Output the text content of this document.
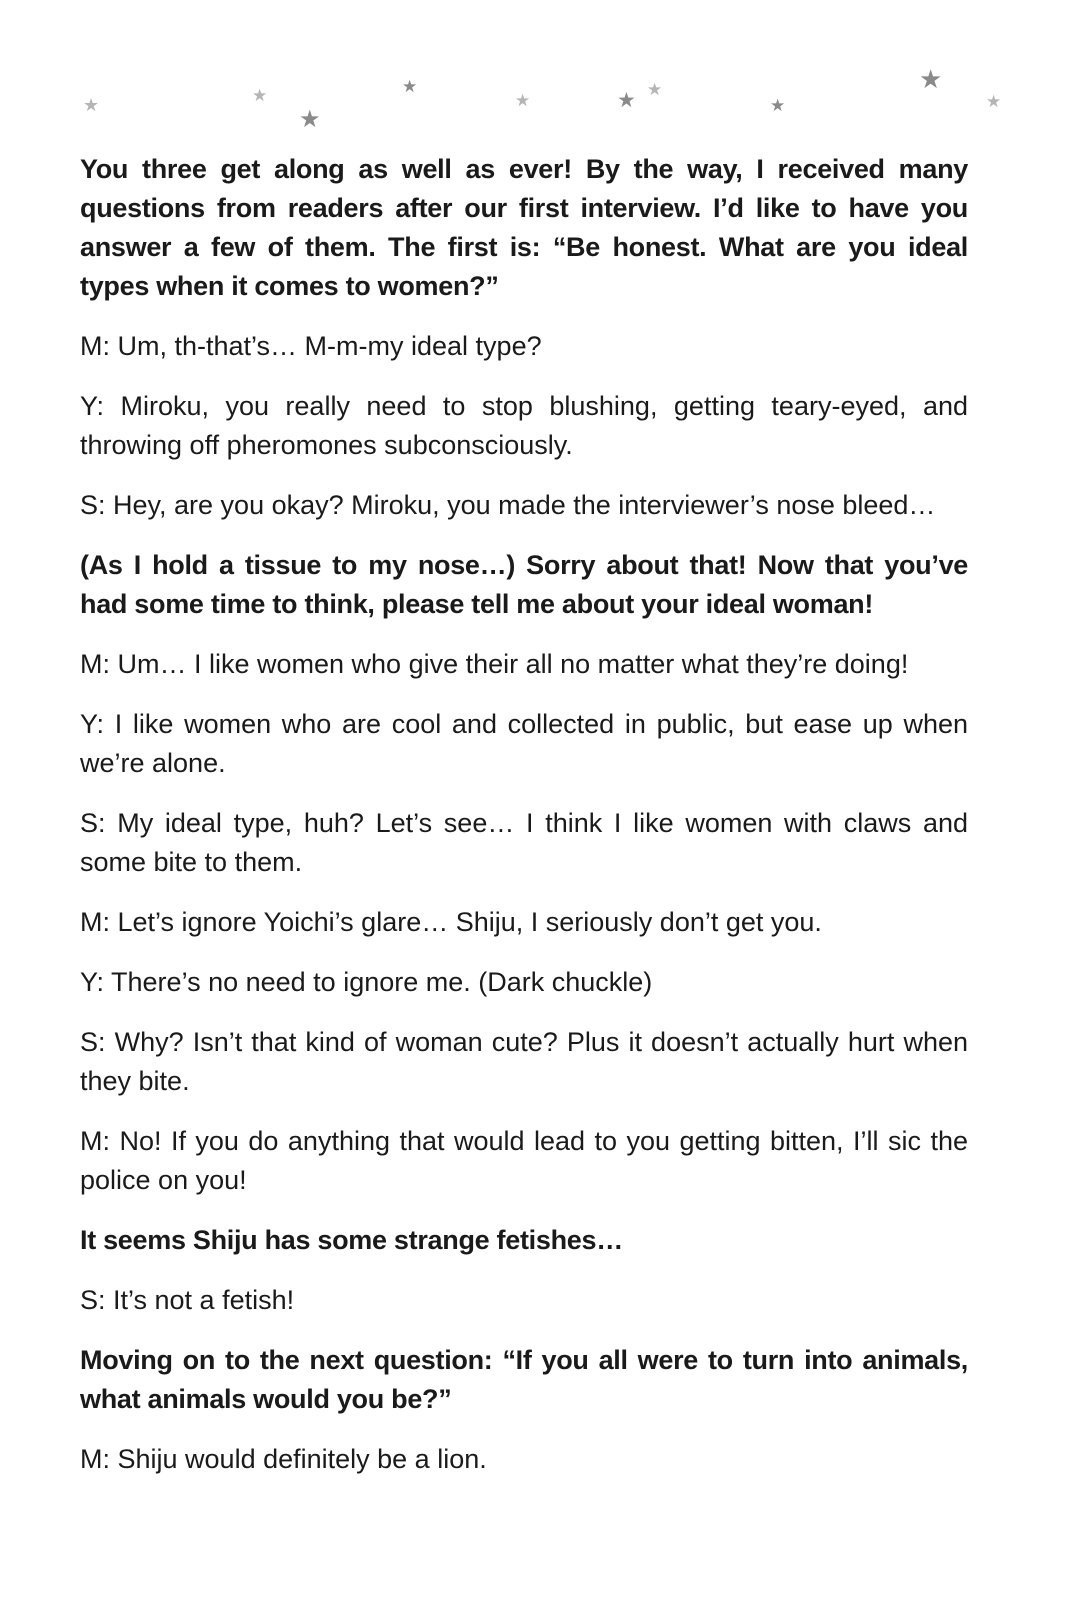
★	★
★
★
★	★ ★
★
★
★

You three get along as well as ever! By the way, I received many questions from readers after our first interview. I’d like to have you answer a few of them. The first is: “Be honest. What are you ideal types when it comes to women?”

M: Um, th-that’s… M-m-my ideal type?

Y: Miroku, you really need to stop blushing, getting teary-eyed, and throwing off pheromones subconsciously.

S: Hey, are you okay? Miroku, you made the interviewer’s nose bleed…

(As I hold a tissue to my nose…) Sorry about that! Now that you’ve had some time to think, please tell me about your ideal woman!

M: Um… I like women who give their all no matter what they’re doing!

Y: I like women who are cool and collected in public, but ease up when we’re alone.

S: My ideal type, huh? Let’s see… I think I like women with claws and some bite to them.

M: Let’s ignore Yoichi’s glare… Shiju, I seriously don’t get you.

Y: There’s no need to ignore me. (Dark chuckle)

S: Why? Isn’t that kind of woman cute? Plus it doesn’t actually hurt when they bite.

M: No! If you do anything that would lead to you getting bitten, I’ll sic the police on you!

It seems Shiju has some strange fetishes…

S: It’s not a fetish!

Moving on to the next question: “If you all were to turn into animals, what animals would you be?”

M: Shiju would definitely be a lion.
